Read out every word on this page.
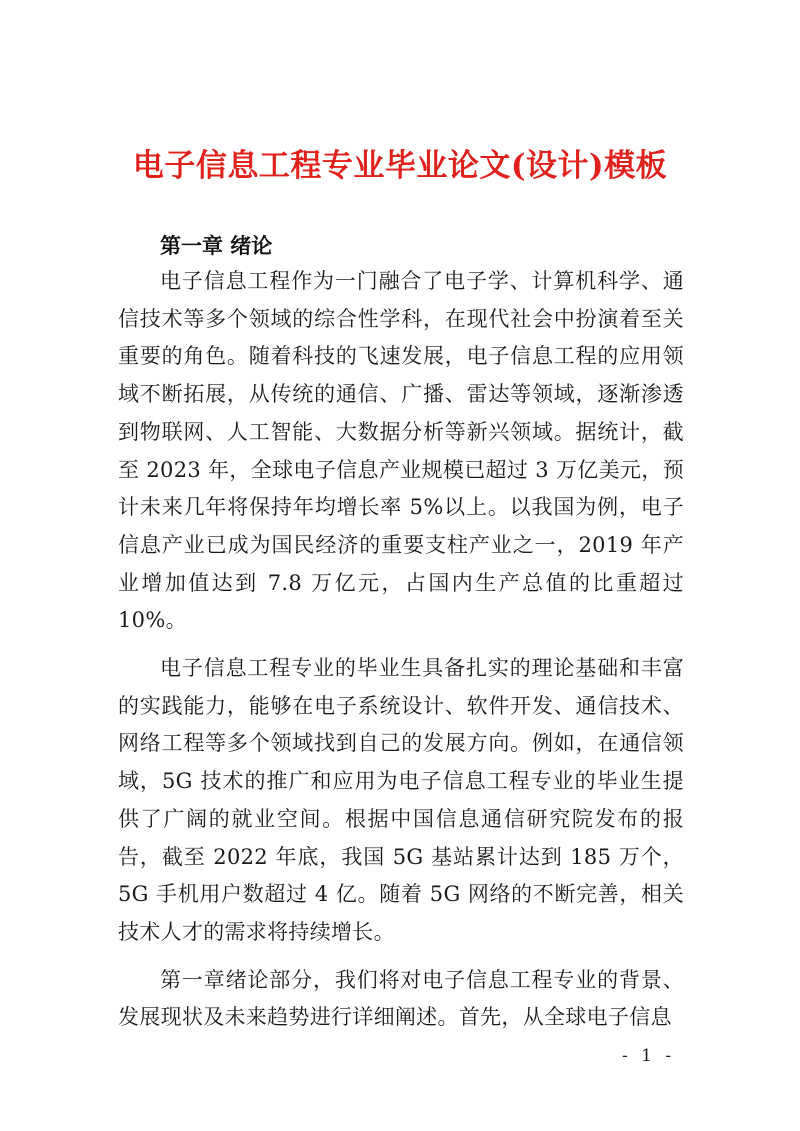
电子信息工程专业毕业论文(设计)模板
第一章 绪论

电子信息工程作为一门融合了电子学、计算机科学、通信技术等多个领域的综合性学科，在现代社会中扮演着至关重要的角色。随着科技的飞速发展，电子信息工程的应用领域不断拓展，从传统的通信、广播、雷达等领域，逐渐渗透到物联网、人工智能、大数据分析等新兴领域。据统计，截至 2023 年，全球电子信息产业规模已超过 3 万亿美元，预计未来几年将保持年均增长率 5%以上。以我国为例，电子信息产业已成为国民经济的重要支柱产业之一，2019 年产业增加值达到 7.8 万亿元，占国内生产总值的比重超过 10%。

电子信息工程专业的毕业生具备扎实的理论基础和丰富的实践能力，能够在电子系统设计、软件开发、通信技术、网络工程等多个领域找到自己的发展方向。例如，在通信领域，5G 技术的推广和应用为电子信息工程专业的毕业生提供了广阔的就业空间。根据中国信息通信研究院发布的报告，截至 2022 年底，我国 5G 基站累计达到 185 万个，5G 手机用户数超过 4 亿。随着 5G 网络的不断完善，相关技术人才的需求将持续增长。

第一章绪论部分，我们将对电子信息工程专业的背景、发展现状及未来趋势进行详细阐述。首先，从全球电子信息

- 1 -
